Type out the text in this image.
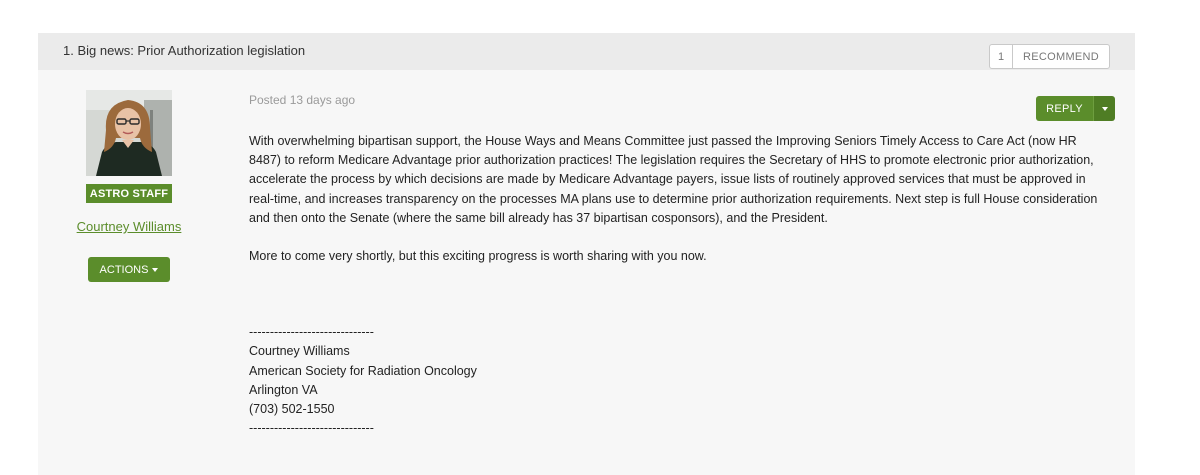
1. Big news: Prior Authorization legislation	1	RECOMMEND
ASTRO STAFF
Courtney Williams
ACTIONS
Posted 13 days ago
REPLY

With overwhelming bipartisan support, the House Ways and Means Committee just passed the Improving Seniors Timely Access to Care Act (now HR 8487) to reform Medicare Advantage prior authorization practices! The legislation requires the Secretary of HHS to promote electronic prior authorization, accelerate the process by which decisions are made by Medicare Advantage payers, issue lists of routinely approved services that must be approved in real-time, and increases transparency on the processes MA plans use to determine prior authorization requirements. Next step is full House consideration and then onto the Senate (where the same bill already has 37 bipartisan cosponsors), and the President.

More to come very shortly, but this exciting progress is worth sharing with you now.

------------------------------

Courtney Williams

American Society for Radiation Oncology

Arlington VA

(703) 502-1550

------------------------------
